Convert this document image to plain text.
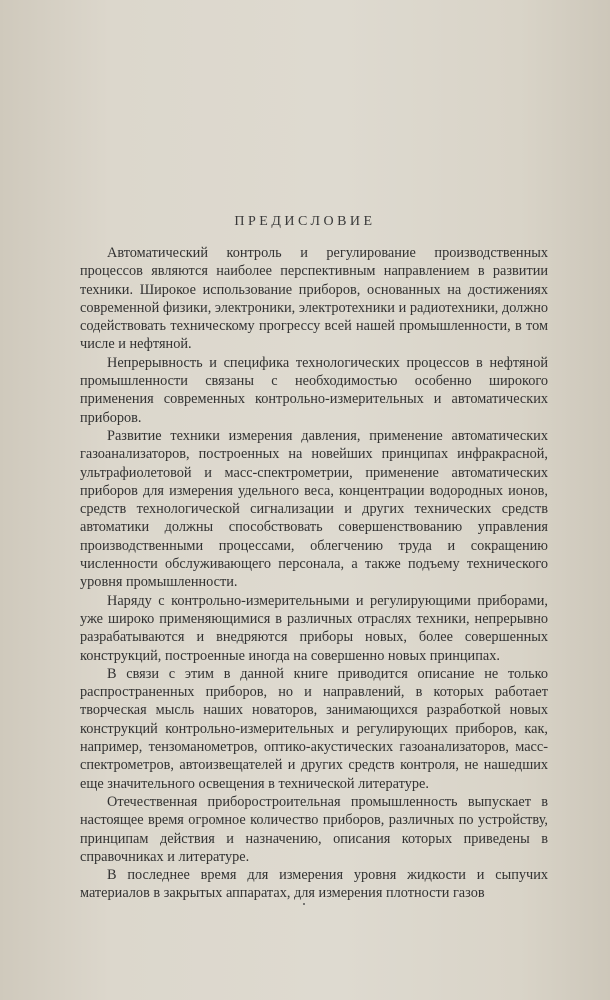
ПРЕДИСЛОВИЕ

Автоматический контроль и регулирование производственных процессов являются наиболее перспективным направлением в развитии техники. Широкое использование приборов, основанных на достижениях современной физики, электроники, электротехники и радиотехники, должно содействовать техническому прогрессу всей нашей промышленности, в том числе и нефтяной.

Непрерывность и специфика технологических процессов в нефтяной промышленности связаны с необходимостью особенно широкого применения современных контрольно-измерительных и автоматических приборов.

Развитие техники измерения давления, применение автоматических газоанализаторов, построенных на новейших принципах инфракрасной, ультрафиолетовой и масс-спектрометрии, применение автоматических приборов для измерения удельного веса, концентрации водородных ионов, средств технологической сигнализации и других технических средств автоматики должны способствовать совершенствованию управления производственными процессами, облегчению труда и сокращению численности обслуживающего персонала, а также подъему технического уровня промышленности.

Наряду с контрольно-измерительными и регулирующими приборами, уже широко применяющимися в различных отраслях техники, непрерывно разрабатываются и внедряются приборы новых, более совершенных конструкций, построенные иногда на совершенно новых принципах.

В связи с этим в данной книге приводится описание не только распространенных приборов, но и направлений, в которых работает творческая мысль наших новаторов, занимающихся разработкой новых конструкций контрольно-измерительных и регулирующих приборов, как, например, тензоманометров, оптико-акустических газоанализаторов, масс-спектрометров, автоизвещателей и других средств контроля, не нашедших еще значительного освещения в технической литературе.

Отечественная приборостроительная промышленность выпускает в настоящее время огромное количество приборов, различных по устройству, принципам действия и назначению, описания которых приведены в справочниках и литературе.

В последнее время для измерения уровня жидкости и сыпучих материалов в закрытых аппаратах, для измерения плотности газов
